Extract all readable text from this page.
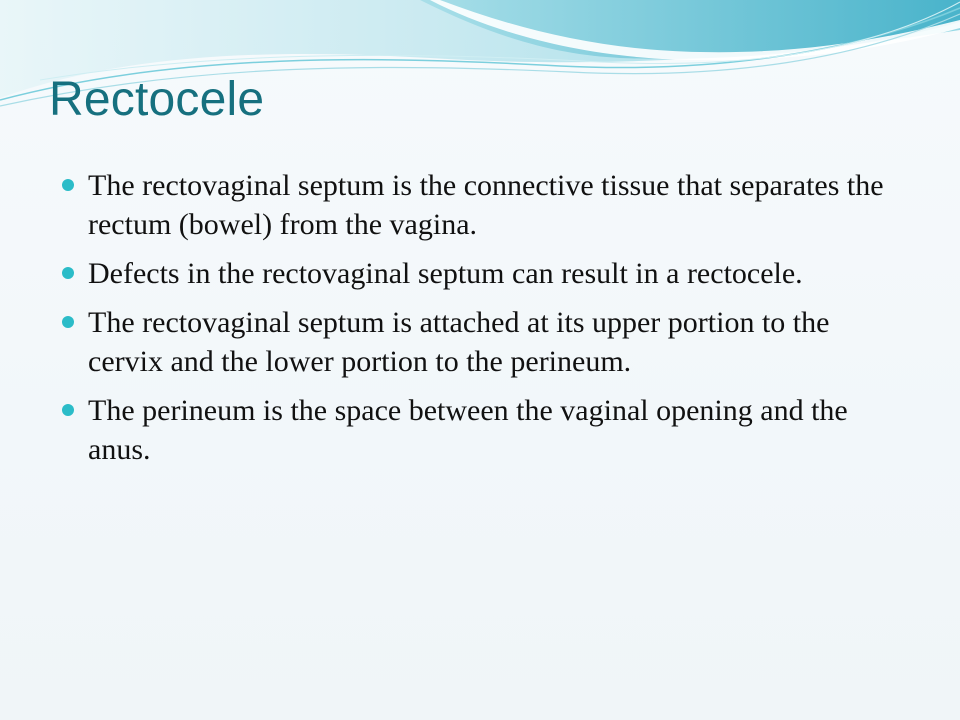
Rectocele
The rectovaginal septum is the connective tissue that separates the rectum (bowel) from the vagina.
Defects in the rectovaginal septum can result in a rectocele.
The rectovaginal septum is attached at its upper portion to the cervix and the lower portion to the perineum.
The perineum is the space between the vaginal opening and the anus.
